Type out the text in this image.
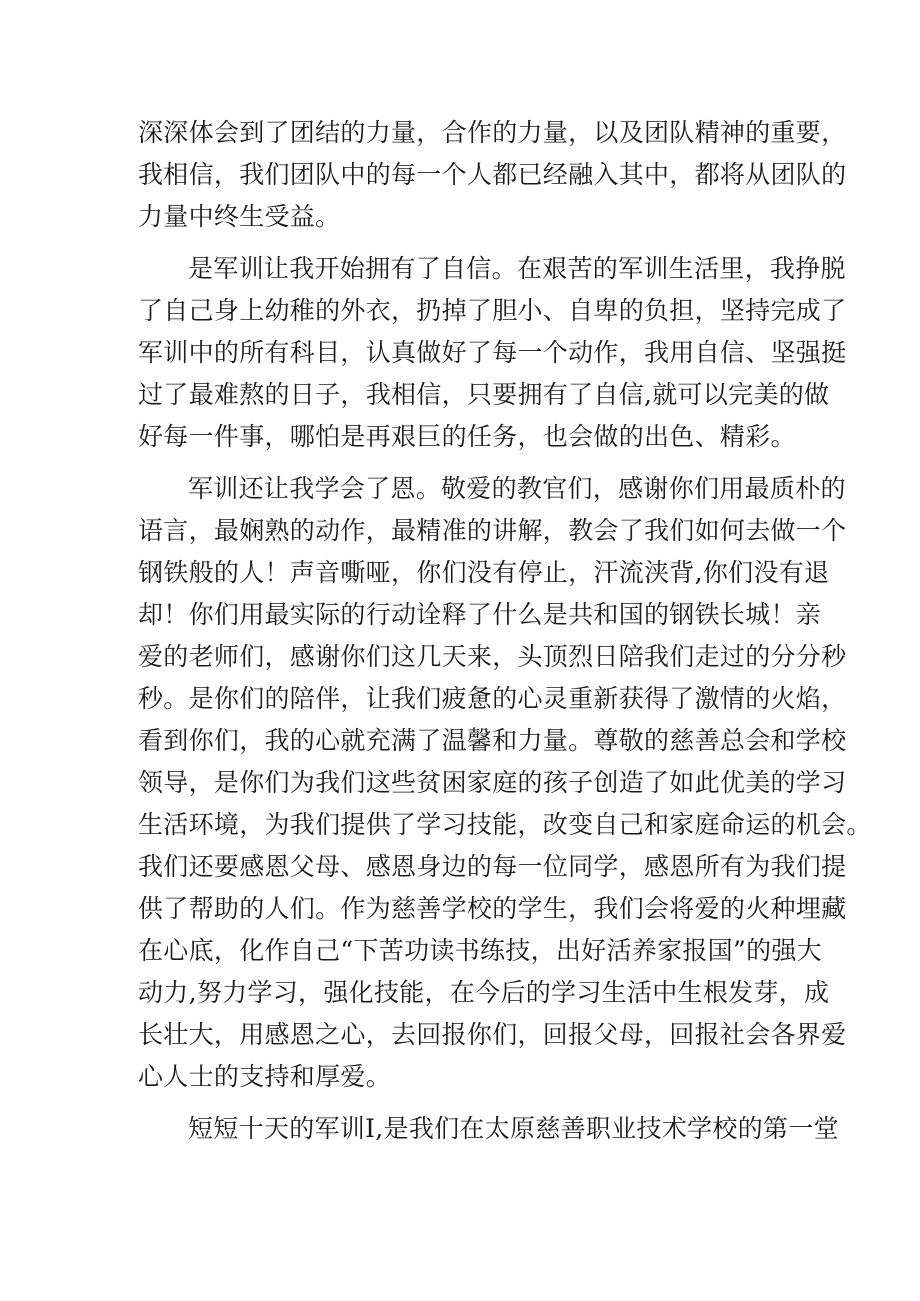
深深体会到了团结的力量，合作的力量，以及团队精神的重要，
我相信，我们团队中的每一个人都已经融入其中，都将从团队的
力量中终生受益。
是军训让我开始拥有了自信。在艰苦的军训生活里，我挣脱
了自己身上幼稚的外衣，扔掉了胆小、自卑的负担，坚持完成了
军训中的所有科目，认真做好了每一个动作，我用自信、坚强挺
过了最难熬的日子，我相信，只要拥有了自信,就可以完美的做
好每一件事，哪怕是再艰巨的任务，也会做的出色、精彩。
军训还让我学会了恩。敬爱的教官们，感谢你们用最质朴的
语言，最娴熟的动作，最精准的讲解，教会了我们如何去做一个
钢铁般的人！声音嘶哑，你们没有停止，汗流浃背,你们没有退
却！你们用最实际的行动诠释了什么是共和国的钢铁长城！亲
爱的老师们，感谢你们这几天来，头顶烈日陪我们走过的分分秒
秒。是你们的陪伴，让我们疲惫的心灵重新获得了激情的火焰，
看到你们，我的心就充满了温馨和力量。尊敬的慈善总会和学校
领导，是你们为我们这些贫困家庭的孩子创造了如此优美的学习
生活环境，为我们提供了学习技能，改变自己和家庭命运的机会。
我们还要感恩父母、感恩身边的每一位同学，感恩所有为我们提
供了帮助的人们。作为慈善学校的学生，我们会将爱的火种埋藏
在心底，化作自己“下苦功读书练技，出好活养家报国”的强大
动力,努力学习，强化技能，在今后的学习生活中生根发芽，成
长壮大，用感恩之心，去回报你们，回报父母，回报社会各界爱
心人士的支持和厚爱。
短短十天的军训I,是我们在太原慈善职业技术学校的第一堂
